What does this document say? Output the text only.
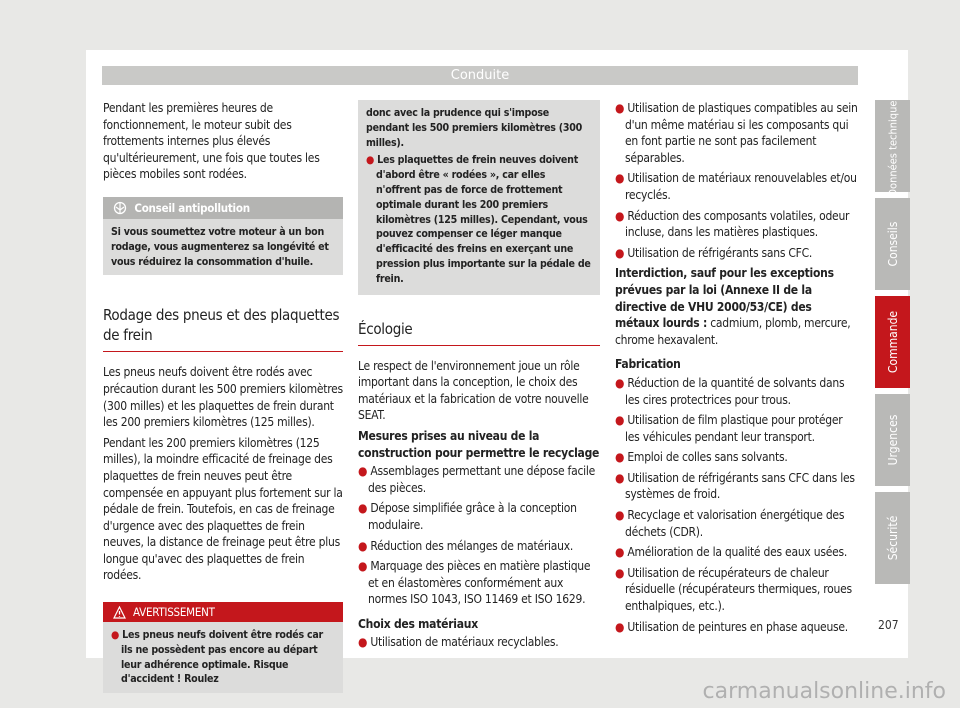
Conduite

Pendant les premières heures de fonctionnement, le moteur subit des frottements internes plus élevés qu'ultérieurement, une fois que toutes les pièces mobiles sont rodées.

Conseil antipollution
Si vous soumettez votre moteur à un bon rodage, vous augmenterez sa longévité et vous réduirez la consommation d'huile.
Rodage des pneus et des plaquettes de frein

Les pneus neufs doivent être rodés avec précaution durant les 500 premiers kilomètres (300 milles) et les plaquettes de frein durant les 200 premiers kilomètres (125 milles).

Pendant les 200 premiers kilomètres (125 milles), la moindre efficacité de freinage des plaquettes de frein neuves peut être compensée en appuyant plus fortement sur la pédale de frein. Toutefois, en cas de freinage d'urgence avec des plaquettes de frein neuves, la distance de freinage peut être plus longue qu'avec des plaquettes de frein rodées.

AVERTISSEMENT
● Les pneus neufs doivent être rodés car ils ne possèdent pas encore au départ leur adhérence optimale. Risque d'accident ! Roulez
donc avec la prudence qui s'impose pendant les 500 premiers kilomètres (300 milles).
● Les plaquettes de frein neuves doivent d'abord être « rodées », car elles n'offrent pas de force de frottement optimale durant les 200 premiers kilomètres (125 milles). Cependant, vous pouvez compenser ce léger manque d'efficacité des freins en exerçant une pression plus importante sur la pédale de frein.
Écologie

Le respect de l'environnement joue un rôle important dans la conception, le choix des matériaux et la fabrication de votre nouvelle SEAT.

Mesures prises au niveau de la construction pour permettre le recyclage

● Assemblages permettant une dépose facile des pièces.

● Dépose simplifiée grâce à la conception modulaire.

● Réduction des mélanges de matériaux.

● Marquage des pièces en matière plastique et en élastomères conformément aux normes ISO 1043, ISO 11469 et ISO 1629.

Choix des matériaux

● Utilisation de matériaux recyclables.

● Utilisation de plastiques compatibles au sein d'un même matériau si les composants qui en font partie ne sont pas facilement séparables.

● Utilisation de matériaux renouvelables et/ou recyclés.

● Réduction des composants volatiles, odeur incluse, dans les matières plastiques.

● Utilisation de réfrigérants sans CFC.

Interdiction, sauf pour les exceptions prévues par la loi (Annexe II de la directive de VHU 2000/53/CE) des métaux lourds : cadmium, plomb, mercure, chrome hexavalent.

Fabrication

● Réduction de la quantité de solvants dans les cires protectrices pour trous.

● Utilisation de film plastique pour protéger les véhicules pendant leur transport.

● Emploi de colles sans solvants.

● Utilisation de réfrigérants sans CFC dans les systèmes de froid.

● Recyclage et valorisation énergétique des déchets (CDR).

● Amélioration de la qualité des eaux usées.

● Utilisation de récupérateurs de chaleur résiduelle (récupérateurs thermiques, roues enthalpiques, etc.).

● Utilisation de peintures en phase aqueuse.

Données techniques
Conseils
Commande
Urgences
Sécurité
207
carmanualsonline.info
